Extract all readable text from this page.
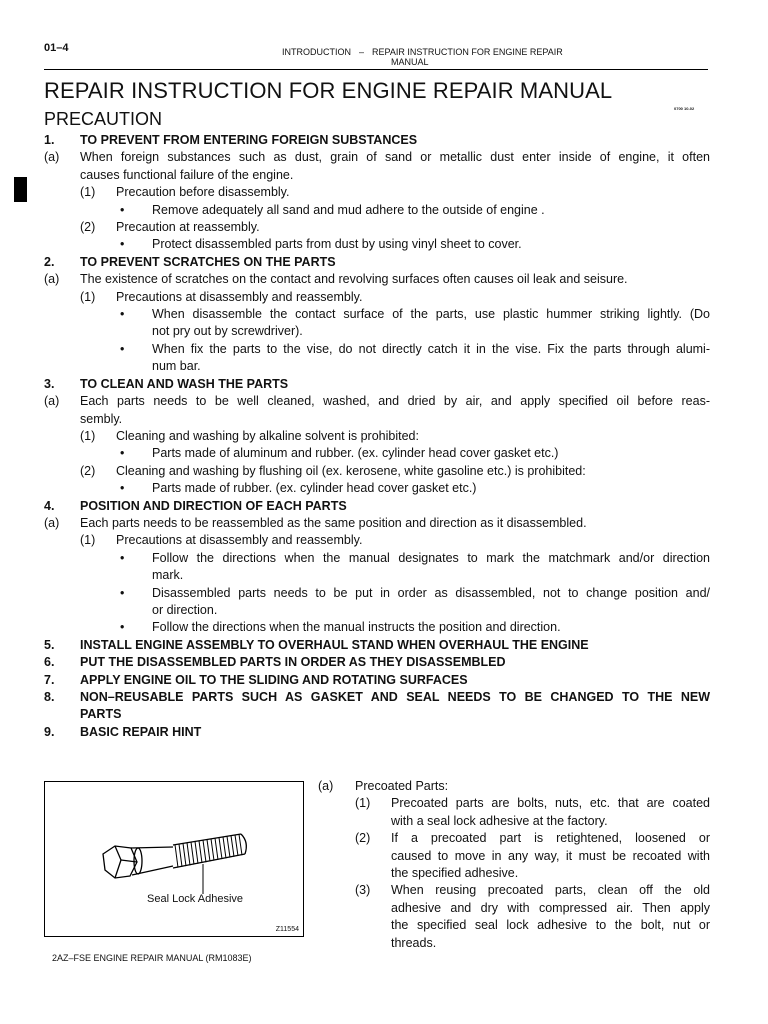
01–4	INTRODUCTION – REPAIR INSTRUCTION FOR ENGINE REPAIR
MANUAL
REPAIR INSTRUCTION FOR ENGINE REPAIR MANUAL
0700 10-02
PRECAUTION
1.	TO PREVENT FROM ENTERING FOREIGN SUBSTANCES
(a)	When foreign substances such as dust, grain of sand or metallic dust enter inside of engine, it often
causes functional failure of the engine.
(1)	Precaution before disassembly.
•	Remove adequately all sand and mud adhere to the outside of engine .
(2)	Precaution at reassembly.
•	Protect disassembled parts from dust by using vinyl sheet to cover.
2.	TO PREVENT SCRATCHES ON THE PARTS
(a)	The existence of scratches on the contact and revolving surfaces often causes oil leak and seisure.
(1)	Precautions at disassembly and reassembly.
•	When disassemble the contact surface of the parts, use plastic hummer striking lightly. (Do
not pry out by screwdriver).
•	When fix the parts to the vise, do not directly catch it in the vise. Fix the parts through alumi-
num bar.
3.	TO CLEAN AND WASH THE PARTS
(a)	Each parts needs to be well cleaned, washed, and dried by air, and apply specified oil before reas-
sembly.
(1)	Cleaning and washing by alkaline solvent is prohibited:
•	Parts made of aluminum and rubber. (ex. cylinder head cover gasket etc.)
(2)	Cleaning and washing by flushing oil (ex. kerosene, white gasoline etc.) is prohibited:
•	Parts made of rubber. (ex. cylinder head cover gasket etc.)
4.	POSITION AND DIRECTION OF EACH PARTS
(a)	Each parts needs to be reassembled as the same position and direction as it disassembled.
(1)	Precautions at disassembly and reassembly.
•	Follow the directions when the manual designates to mark the matchmark and/or direction
mark.
•	Disassembled parts needs to be put in order as disassembled, not to change position and/
or direction.
•	Follow the directions when the manual instructs the position and direction.
5.	INSTALL ENGINE ASSEMBLY TO OVERHAUL STAND WHEN OVERHAUL THE ENGINE
6.	PUT THE DISASSEMBLED PARTS IN ORDER AS THEY DISASSEMBLED
7.	APPLY ENGINE OIL TO THE SLIDING AND ROTATING SURFACES
8.	NON–REUSABLE PARTS SUCH AS GASKET AND SEAL NEEDS TO BE CHANGED TO THE NEW
PARTS
9.	BASIC REPAIR HINT
Seal Lock Adhesive
Z11554
(a)	Precoated Parts:
(1)	Precoated parts are bolts, nuts, etc. that are coated
with a seal lock adhesive at the factory.
(2)	If a precoated part is retightened, loosened or
caused to move in any way, it must be recoated with
the specified adhesive.
(3)	When reusing precoated parts, clean off the old
adhesive and dry with compressed air. Then apply
the specified seal lock adhesive to the bolt, nut or
threads.
2AZ–FSE ENGINE REPAIR MANUAL (RM1083E)
